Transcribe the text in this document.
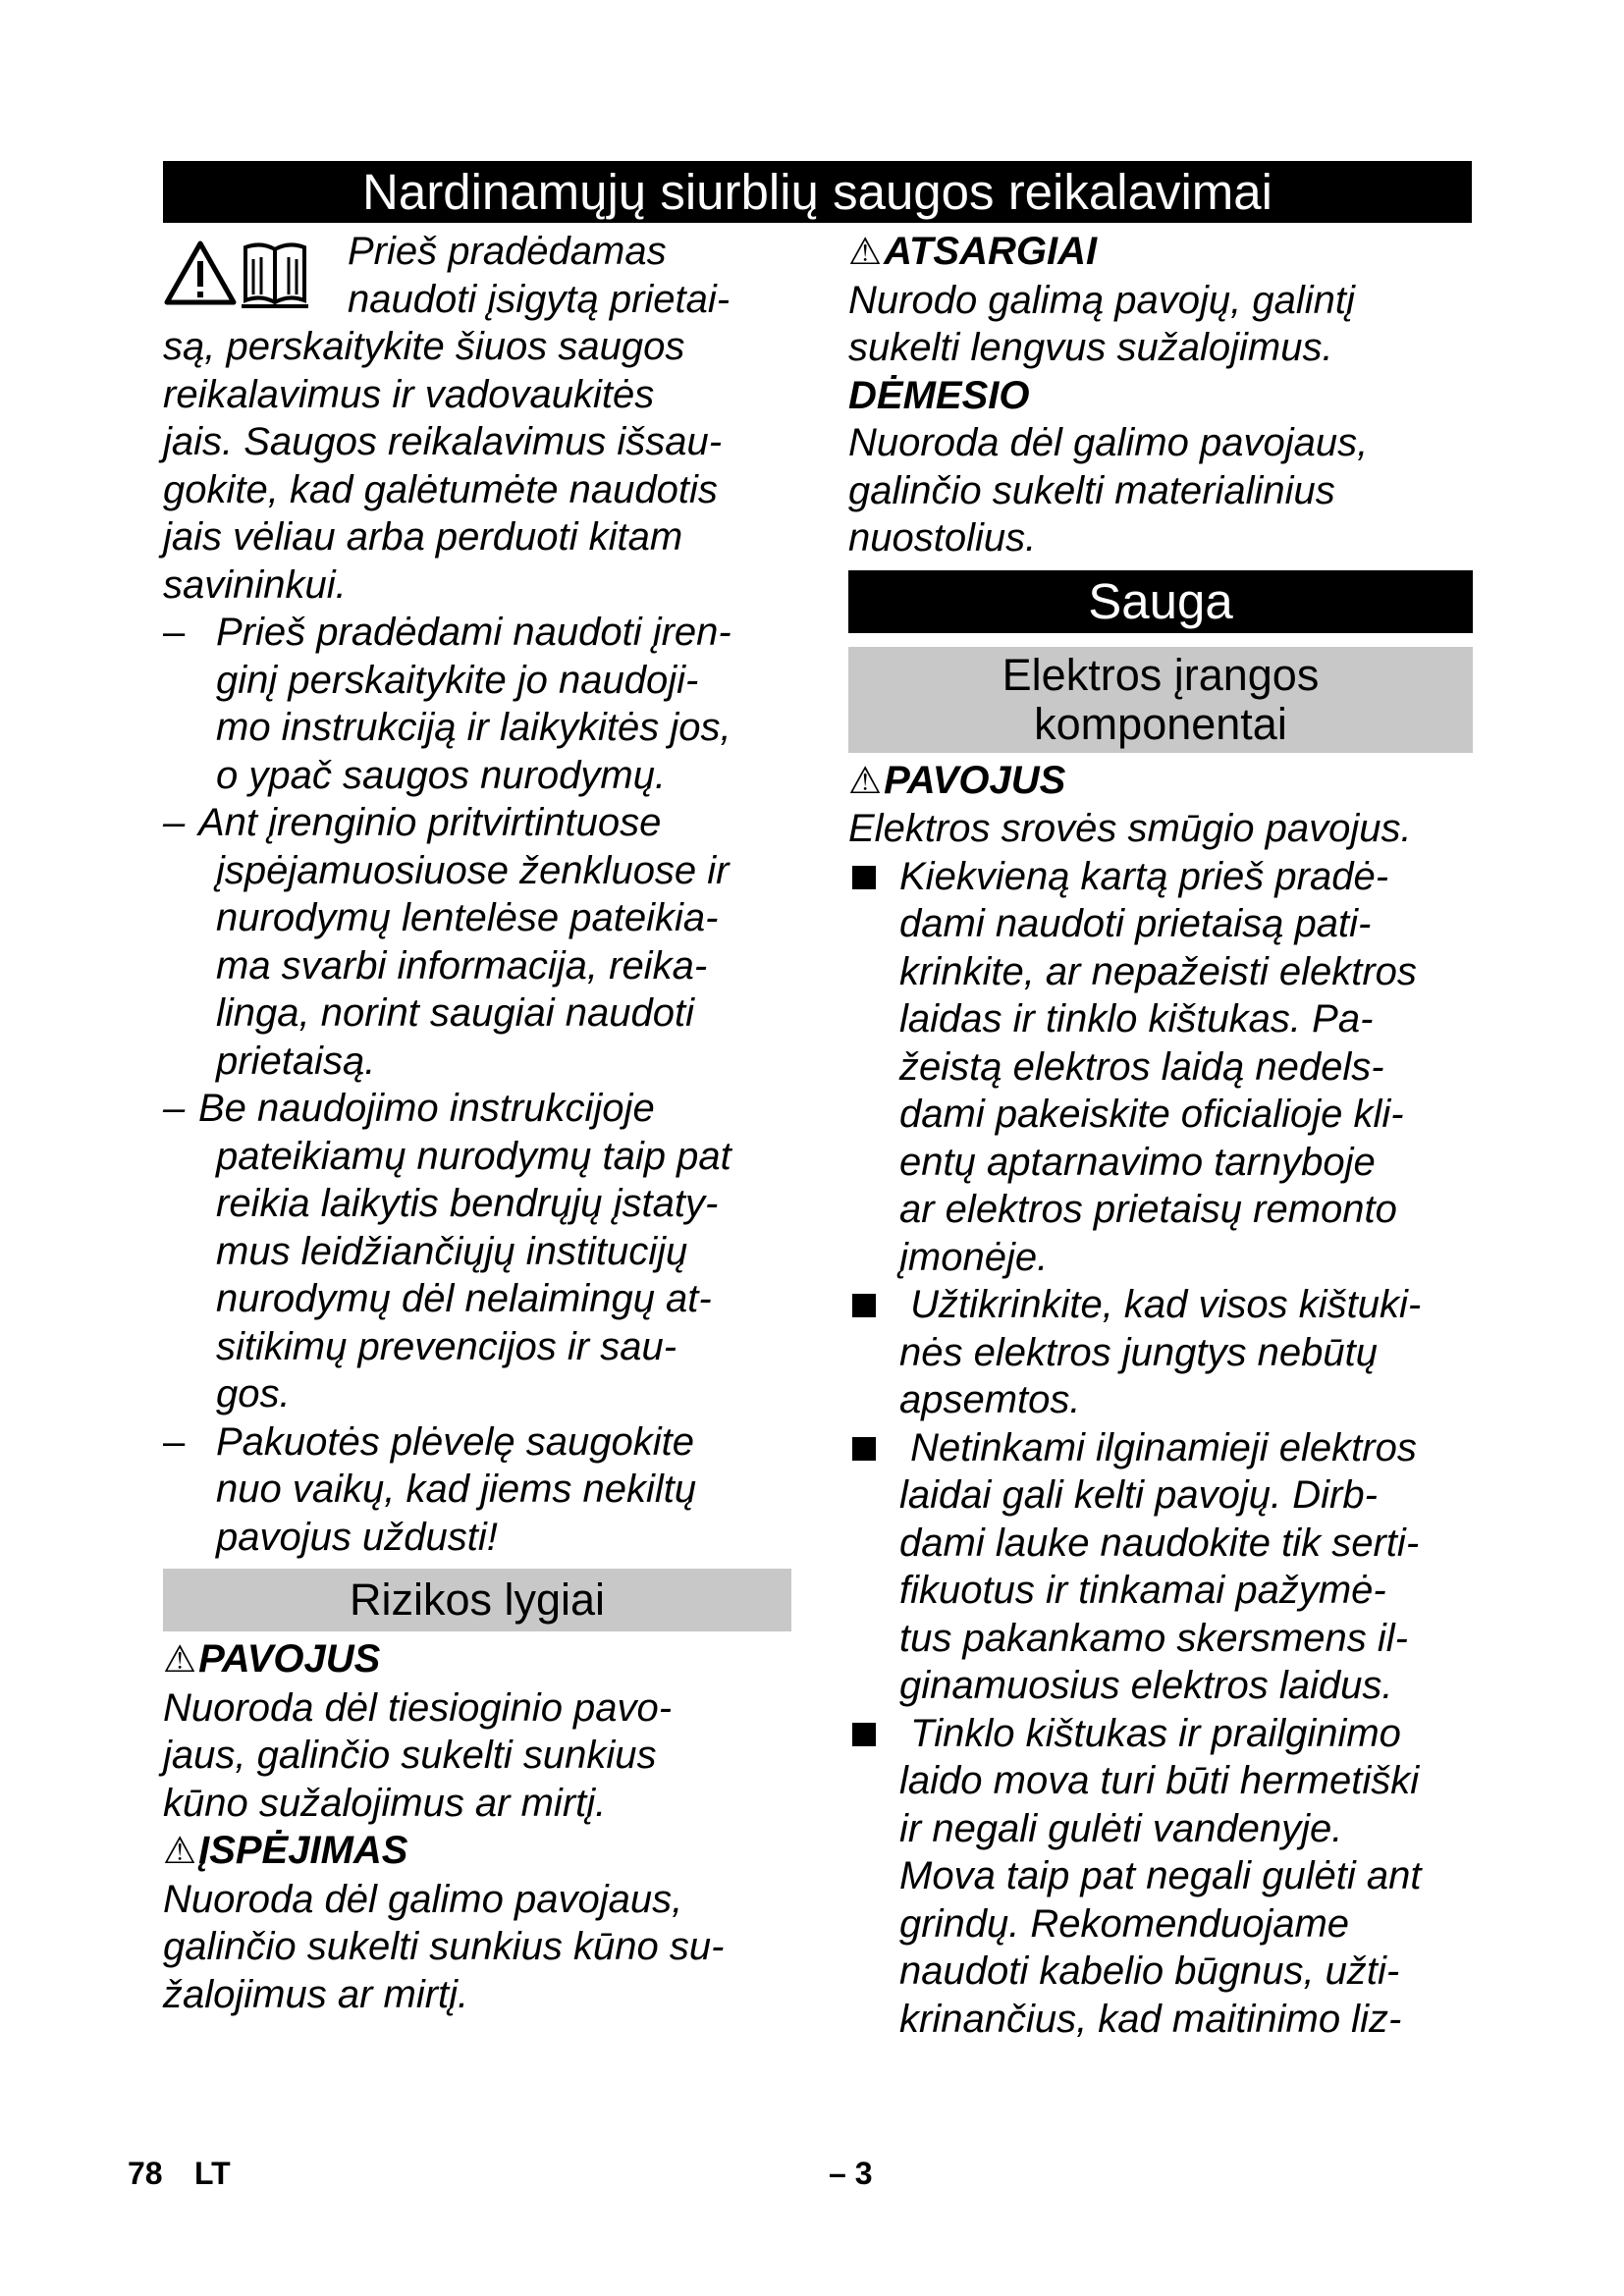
Nardinamųjų siurblių saugos reikalavimai

Prieš pradėdamas

naudoti įsigytą prietai-

są, perskaitykite šiuos saugos

reikalavimus ir vadovaukitės

jais. Saugos reikalavimus išsau-

gokite, kad galėtumėte naudotis

jais vėliau arba perduoti kitam

savininkui.

– Prieš pradėdami naudoti įren-

ginį perskaitykite jo naudoji-

mo instrukciją ir laikykitės jos,

o ypač saugos nurodymų.

– Ant įrenginio pritvirtintuose

įspėjamuosiuose ženkluose ir

nurodymų lentelėse pateikia-

ma svarbi informacija, reika-

linga, norint saugiai naudoti

prietaisą.

– Be naudojimo instrukcijoje

pateikiamų nurodymų taip pat

reikia laikytis bendrųjų įstaty-

mus leidžiančiųjų institucijų

nurodymų dėl nelaimingų at-

sitikimų prevencijos ir sau-

gos.

– Pakuotės plėvelę saugokite

nuo vaikų, kad jiems nekiltų

pavojus uždusti!

Rizikos lygiai

⚠PAVOJUS

Nuoroda dėl tiesioginio pavo-

jaus, galinčio sukelti sunkius

kūno sužalojimus ar mirtį.

⚠ĮSPĖJIMAS

Nuoroda dėl galimo pavojaus,

galinčio sukelti sunkius kūno su-

žalojimus ar mirtį.

⚠ATSARGIAI

Nurodo galimą pavojų, galintį

sukelti lengvus sužalojimus.

DĖMESIO

Nuoroda dėl galimo pavojaus,

galinčio sukelti materialinius

nuostolius.

Sauga
Elektros įrangos
komponentai

⚠PAVOJUS

Elektros srovės smūgio pavojus.

Kiekvieną kartą prieš pradė-

dami naudoti prietaisą pati-

krinkite, ar nepažeisti elektros

laidas ir tinklo kištukas. Pa-

žeistą elektros laidą nedels-

dami pakeiskite oficialioje kli-

entų aptarnavimo tarnyboje

ar elektros prietaisų remonto

įmonėje.

Užtikrinkite, kad visos kištuki-

nės elektros jungtys nebūtų

apsemtos.

Netinkami ilginamieji elektros

laidai gali kelti pavojų. Dirb-

dami lauke naudokite tik serti-

fikuotus ir tinkamai pažymė-

tus pakankamo skersmens il-

ginamuosius elektros laidus.

Tinklo kištukas ir prailginimo

laido mova turi būti hermetiški

ir negali gulėti vandenyje.

Mova taip pat negali gulėti ant

grindų. Rekomenduojame

naudoti kabelio būgnus, užti-

krinančius, kad maitinimo liz-

78 LT	– 3
